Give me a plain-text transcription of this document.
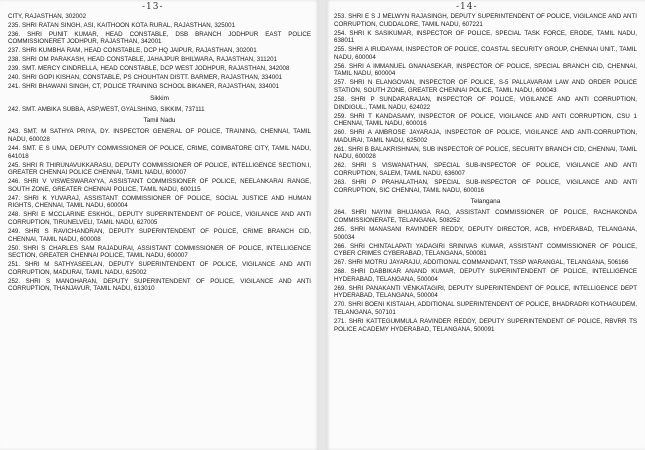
-13-

CITY, RAJASTHAN, 302002

235. SHRI RATAN SINGH, ASI, KAITHOON KOTA RURAL, RAJASTHAN, 325001

236. SHRI PUNIT KUMAR, HEAD CONSTABLE, DSB BRANCH JODHPUR EAST POLICE COMMISSIONERET JODHPUR, RAJASTHAN, 342001

237. SHRI KUMBHA RAM, HEAD CONSTABLE, DCP HQ JAIPUR, RAJASTHAN, 302001

238. SHRI OM PARAKASH, HEAD CONSTABLE, JAHAJPUR BHILWARA, RAJASTHAN, 311201

239. SMT. MERCY CINDRELLA, HEAD CONSTABLE, DCP WEST JODHPUR, RAJASTHAN, 342008

240. SHRI GOPI KISHAN, CONSTABLE, PS CHOUHTAN DISTT. BARMER, RAJASTHAN, 334001

241. SHRI BHAWANI SINGH, CT, POLICE TRAINING SCHOOL BIKANER, RAJASTHAN, 334001

Sikkim

242. SMT. AMBIKA SUBBA, ASP,WEST, GYALSHING, SIKKIM, 737111

Tamil Nadu

243. SMT. M SATHYA PRIYA, DY. INSPECTOR GENERAL OF POLICE, TRAINING, CHENNAI, TAMIL NADU, 600028

244. SMT. E S UMA, DEPUTY COMMISSIONER OF POLICE, CRIME, COIMBATORE CITY, TAMIL NADU, 641018

245. SHRI R THIRUNAVUKKARASU, DEPUTY COMMISSIONER OF POLICE, INTELLIGENCE SECTION.I, GREATER CHENNAI POLICE CHENNAI, TAMIL NADU, 600007

246. SHRI V VISWESWARAYYA, ASSISTANT COMMISSIONER OF POLICE, NEELANKARAI RANGE, SOUTH ZONE, GREATER CHENNAI POLICE, TAMIL NADU, 600115

247. SHRI K YUVARAJ, ASSISTANT COMMISSIONER OF POLICE, SOCIAL JUSTICE AND HUMAN RIGHTS, CHENNAI, TAMIL NADU, 600004

248. SHRI E MCCLARINE ESKHOL, DEPUTY SUPERINTENDENT OF POLICE, VIGILANCE AND ANTI CORRUPTION, TIRUNELVELI, TAMIL NADU, 627005

249. SHRI S RAVICHANDRAN, DEPUTY SUPERINTENDENT OF POLICE, CRIME BRANCH CID, CHENNAI, TAMIL NADU, 600008

250. SHRI S CHARLES SAM RAJADURAI, ASSISTANT COMMISSIONER OF POLICE, INTELLIGENCE SECTION, GREATER CHENNAI POLICE, TAMIL NADU, 600007

251. SHRI M SATHYASEELAN, DEPUTY SUPERINTENDENT OF POLICE, VIGILANCE AND ANTI CORRUPTION, MADURAI, TAMIL NADU, 625002

252. SHRI S MANOHARAN, DEPUTY SUPERINTENDENT OF POLICE, VIGILANCE AND ANTI CORRUPTION, THANJAVUR, TAMIL NADU, 613010

-14-

253. SHRI E S J MELWYN RAJASINGH, DEPUTY SUPERINTENDENT OF POLICE, VIGILANCE AND ANTI CORRUPTION, CUDDALORE, TAMIL NADU, 607221

254. SHRI K SASIKUMAR, INSPECTOR OF POLICE, SPECIAL TASK FORCE, ERODE, TAMIL NADU, 638011

255. SHRI A IRUDAYAM, INSPECTOR OF POLICE, COASTAL SECURITY GROUP, CHENNAI UNIT., TAMIL NADU, 600004

256. SHRI A IMMANUEL GNANASEKAR, INSPECTOR OF POLICE, SPECIAL BRANCH CID, CHENNAI, TAMIL NADU, 600004

257. SHRI N ELANGOVAN, INSPECTOR OF POLICE, S-5 PALLAVARAM LAW AND ORDER POLICE STATION, SOUTH ZONE, GREATER CHENNAI POLICE, TAMIL NADU, 600043

258. SHRI P SUNDARARAJAN, INSPECTOR OF POLICE, VIGILANCE AND ANTI CORRUPTION, DINDIGUL., TAMIL NADU, 624022

259. SHRI T KANDASAMY, INSPECTOR OF POLICE, VIGILANCE AND ANTI CORRUPTION, CSU 1 CHENNAI, TAMIL NADU, 600016

260. SHRI A AMBROSE JAYARAJA, INSPECTOR OF POLICE, VIGILANCE AND ANTI-CORRUPTION, MADURAI, TAMIL NADU, 625002

261. SHRI B BALAKRISHNAN, SUB INSPECTOR OF POLICE, SECURITY BRANCH CID, CHENNAI, TAMIL NADU, 600028

262. SHRI S VISWANATHAN, SPECIAL SUB-INSPECTOR OF POLICE, VIGILANCE AND ANTI CORRUPTION, SALEM, TAMIL NADU, 636007

263. SHRI P PRAHALATHAN, SPECIAL SUB-INSPECTOR OF POLICE, VIGILANCE AND ANTI CORRUPTION, SIC CHENNAI, TAMIL NADU, 600016

Telangana

264. SHRI NAYINI BHUJANGA RAO, ASSISTANT COMMISSIONER OF POLICE, RACHAKONDA COMMISSIONERATE, TELANGANA, 508252

265. SHRI MANASANI RAVINDER REDDY, DEPUTY DIRECTOR, ACB, HYDERABAD, TELANGANA, 500034

266. SHRI CHINTALAPATI YADAGIRI SRINIVAS KUMAR, ASSISTANT COMMISSIONER OF POLICE, CYBER CRIMES CYBERABAD, TELANGANA, 500081

267. SHRI MOTRU JAYARAJU, ADDITIONAL COMMANDANT, TSSP WARANGAL, TELANGANA, 506166

268. SHRI DABBIKAR ANAND KUMAR, DEPUTY SUPERINTENDENT OF POLICE, INTELLIGENCE HYDERABAD, TELANGANA, 500004

269. SHRI PANAKANTI VENKATAGIRI, DEPUTY SUPERINTENDENT OF POLICE, INTELLIGENCE DEPT HYDERABAD, TELANGANA, 500004

270. SHRI BOENI KISTAIAH, ADDITIONAL SUPERINTENDENT OF POLICE, BHADRADRI KOTHAGUDEM, TELANGANA, 507101

271. SHRI KATTEGUMMULA RAVINDER REDDY, DEPUTY SUPERINTENDENT OF POLICE, RBVRR TS POLICE ACADEMY HYDERABAD, TELANGANA, 500091
